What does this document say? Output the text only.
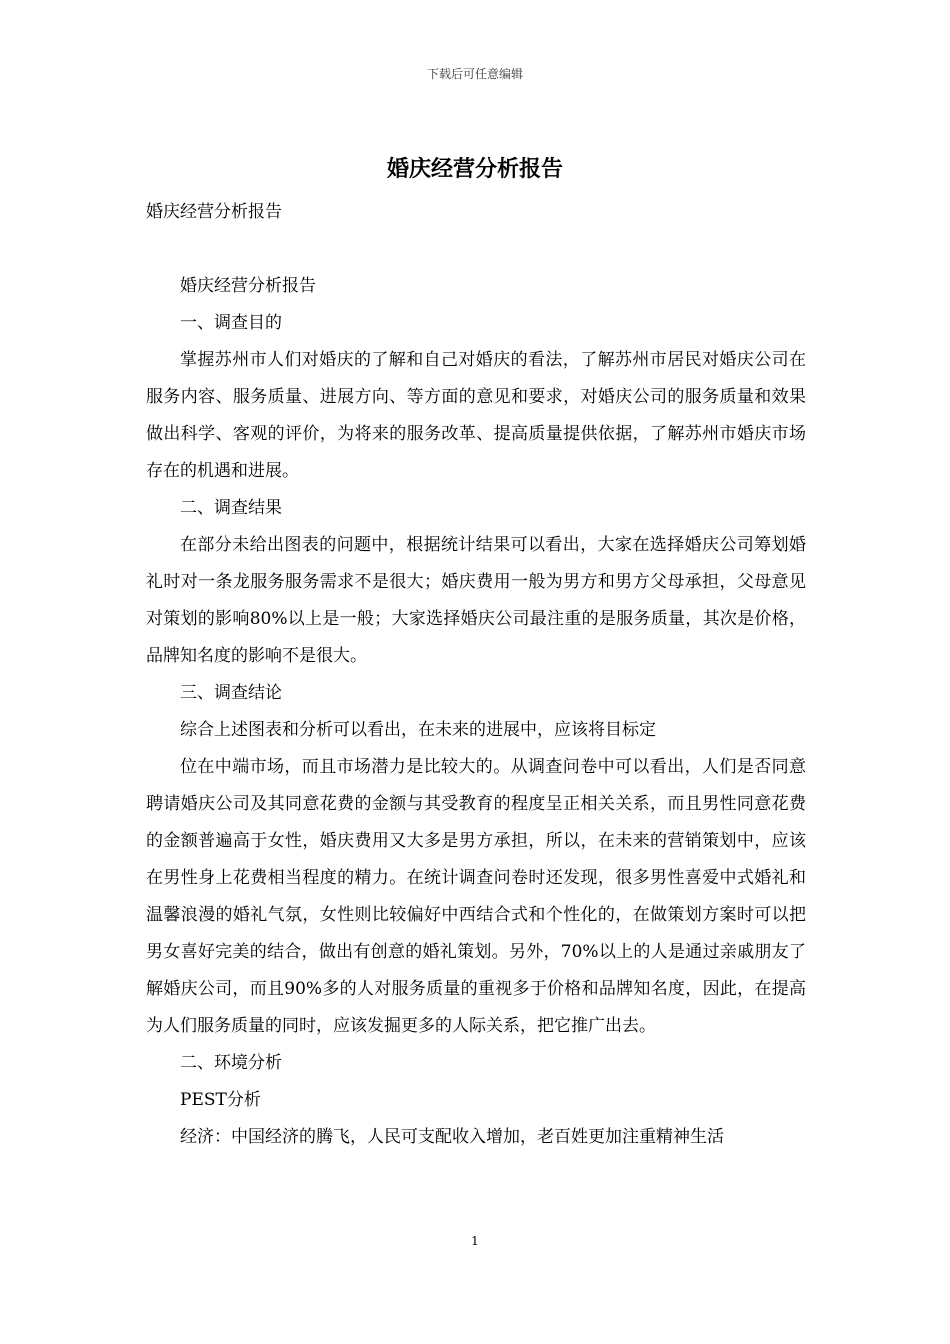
下载后可任意编辑
婚庆经营分析报告

婚庆经营分析报告

婚庆经营分析报告

一、调查目的

掌握苏州市人们对婚庆的了解和自己对婚庆的看法，了解苏州市居民对婚庆公司在服务内容、服务质量、进展方向、等方面的意见和要求，对婚庆公司的服务质量和效果做出科学、客观的评价，为将来的服务改革、提高质量提供依据，了解苏州市婚庆市场存在的机遇和进展。

二、调查结果

在部分未给出图表的问题中，根据统计结果可以看出，大家在选择婚庆公司筹划婚礼时对一条龙服务服务需求不是很大；婚庆费用一般为男方和男方父母承担，父母意见对策划的影响80%以上是一般；大家选择婚庆公司最注重的是服务质量，其次是价格，品牌知名度的影响不是很大。

三、调查结论

综合上述图表和分析可以看出，在未来的进展中，应该将目标定

位在中端市场，而且市场潜力是比较大的。从调查问卷中可以看出，人们是否同意聘请婚庆公司及其同意花费的金额与其受教育的程度呈正相关关系，而且男性同意花费的金额普遍高于女性，婚庆费用又大多是男方承担，所以，在未来的营销策划中，应该在男性身上花费相当程度的精力。在统计调查问卷时还发现，很多男性喜爱中式婚礼和温馨浪漫的婚礼气氛，女性则比较偏好中西结合式和个性化的，在做策划方案时可以把男女喜好完美的结合，做出有创意的婚礼策划。另外，70%以上的人是通过亲戚朋友了解婚庆公司，而且90%多的人对服务质量的重视多于价格和品牌知名度，因此，在提高为人们服务质量的同时，应该发掘更多的人际关系，把它推广出去。

二、环境分析

PEST分析

经济：中国经济的腾飞，人民可支配收入增加，老百姓更加注重精神生活

1
